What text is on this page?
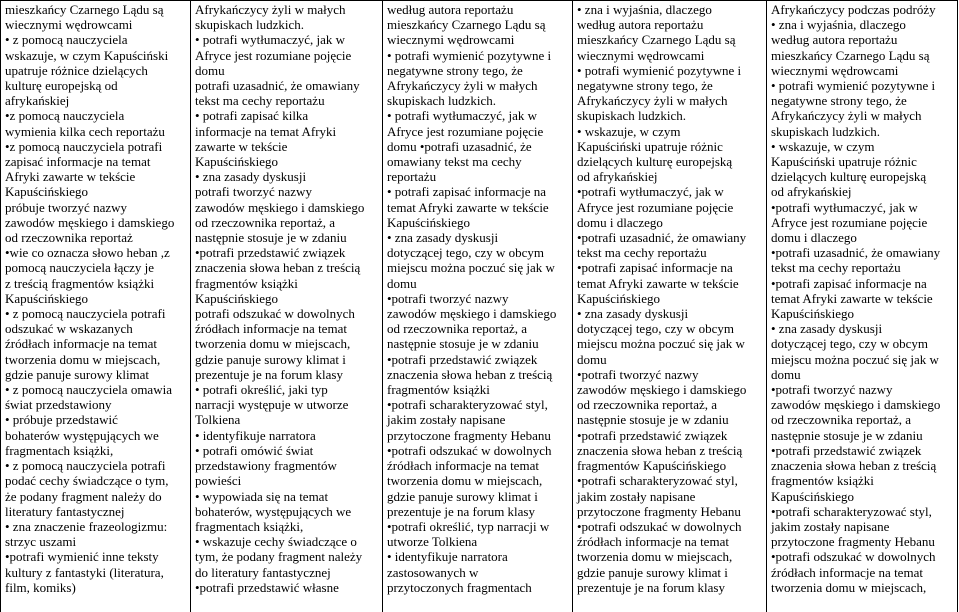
mieszkańcy Czarnego Lądu są
wiecznymi wędrowcami
• z pomocą nauczyciela
wskazuje, w czym Kapuściński
upatruje różnice dzielących
kulturę europejską od
afrykańskiej
•z pomocą nauczyciela
wymienia kilka cech reportażu
•z pomocą nauczyciela potrafi
zapisać informacje na temat
Afryki zawarte w tekście
Kapuścińskiego
próbuje tworzyć nazwy
zawodów męskiego i damskiego
od rzeczownika reportaż
•wie co oznacza słowo heban ,z
pomocą nauczyciela łączy je
z treścią fragmentów książki
Kapuścińskiego
• z pomocą nauczyciela potrafi
odszukać w wskazanych
źródłach informacje na temat
tworzenia domu w miejscach,
gdzie panuje surowy klimat
• z pomocą nauczyciela omawia
świat przedstawiony
• próbuje przedstawić
bohaterów występujących we
fragmentach książki,
• z pomocą nauczyciela potrafi
podać cechy świadczące o tym,
że podany fragment należy do
literatury fantastycznej
• zna znaczenie frazeologizmu:
strzyc uszami
•potrafi wymienić inne teksty
kultury z fantastyki (literatura,
film, komiks)
Afrykańczycy żyli w małych
skupiskach ludzkich.
• potrafi wytłumaczyć, jak w
Afryce jest rozumiane pojęcie
domu
potrafi uzasadnić, że omawiany
tekst ma cechy reportażu
• potrafi zapisać kilka
informacje na temat Afryki
zawarte w tekście
Kapuścińskiego
• zna zasady dyskusji
potrafi tworzyć nazwy
zawodów męskiego i damskiego
od rzeczownika reportaż, a
następnie stosuje je w zdaniu
•potrafi przedstawić związek
znaczenia słowa heban z treścią
fragmentów książki
Kapuścińskiego
potrafi odszukać w dowolnych
źródłach informacje na temat
tworzenia domu w miejscach,
gdzie panuje surowy klimat i
prezentuje je na forum klasy
• potrafi określić, jaki typ
narracji występuje w utworze
Tolkiena
• identyfikuje narratora
• potrafi omówić świat
przedstawiony fragmentów
powieści
• wypowiada się na temat
bohaterów, występujących we
fragmentach książki,
• wskazuje cechy świadczące o
tym, że podany fragment należy
do literatury fantastycznej
•potrafi przedstawić własne
według autora reportażu
mieszkańcy Czarnego Lądu są
wiecznymi wędrowcami
• potrafi wymienić pozytywne i
negatywne strony tego, że
Afrykańczycy żyli w małych
skupiskach ludzkich.
• potrafi wytłumaczyć, jak w
Afryce jest rozumiane pojęcie
domu •potrafi uzasadnić, że
omawiany tekst ma cechy
reportażu
• potrafi zapisać informacje na
temat Afryki zawarte w tekście
Kapuścińskiego
• zna zasady dyskusji
dotyczącej tego, czy w obcym
miejscu można poczuć się jak w
domu
•potrafi tworzyć nazwy
zawodów męskiego i damskiego
od rzeczownika reportaż, a
następnie stosuje je w zdaniu
•potrafi przedstawić związek
znaczenia słowa heban z treścią
fragmentów książki
•potrafi scharakteryzować styl,
jakim zostały napisane
przytoczone fragmenty Hebanu
•potrafi odszukać w dowolnych
źródłach informacje na temat
tworzenia domu w miejscach,
gdzie panuje surowy klimat i
prezentuje je na forum klasy
•potrafi określić, typ narracji w
utworze Tolkiena
• identyfikuje narratora
zastosowanych w
przytoczonych fragmentach
• zna i wyjaśnia, dlaczego
według autora reportażu
mieszkańcy Czarnego Lądu są
wiecznymi wędrowcami
• potrafi wymienić pozytywne i
negatywne strony tego, że
Afrykańczycy żyli w małych
skupiskach ludzkich.
• wskazuje, w czym
Kapuściński upatruje różnic
dzielących kulturę europejską
od afrykańskiej
•potrafi wytłumaczyć, jak w
Afryce jest rozumiane pojęcie
domu i dlaczego
•potrafi uzasadnić, że omawiany
tekst ma cechy reportażu
•potrafi zapisać informacje na
temat Afryki zawarte w tekście
Kapuścińskiego
• zna zasady dyskusji
dotyczącej tego, czy w obcym
miejscu można poczuć się jak w
domu
•potrafi tworzyć nazwy
zawodów męskiego i damskiego
od rzeczownika reportaż, a
następnie stosuje je w zdaniu
•potrafi przedstawić związek
znaczenia słowa heban z treścią
fragmentów Kapuścińskiego
•potrafi scharakteryzować styl,
jakim zostały napisane
przytoczone fragmenty Hebanu
•potrafi odszukać w dowolnych
źródłach informacje na temat
tworzenia domu w miejscach,
gdzie panuje surowy klimat i
prezentuje je na forum klasy
Afrykańczycy podczas podróży
• zna i wyjaśnia, dlaczego
według autora reportażu
mieszkańcy Czarnego Lądu są
wiecznymi wędrowcami
• potrafi wymienić pozytywne i
negatywne strony tego, że
Afrykańczycy żyli w małych
skupiskach ludzkich.
• wskazuje, w czym
Kapuściński upatruje różnic
dzielących kulturę europejską
od afrykańskiej
•potrafi wytłumaczyć, jak w
Afryce jest rozumiane pojęcie
domu i dlaczego
•potrafi uzasadnić, że omawiany
tekst ma cechy reportażu
•potrafi zapisać informacje na
temat Afryki zawarte w tekście
Kapuścińskiego
• zna zasady dyskusji
dotyczącej tego, czy w obcym
miejscu można poczuć się jak w
domu
•potrafi tworzyć nazwy
zawodów męskiego i damskiego
od rzeczownika reportaż, a
następnie stosuje je w zdaniu
•potrafi przedstawić związek
znaczenia słowa heban z treścią
fragmentów książki
Kapuścińskiego
•potrafi scharakteryzować styl,
jakim zostały napisane
przytoczone fragmenty Hebanu
•potrafi odszukać w dowolnych
źródłach informacje na temat
tworzenia domu w miejscach,
